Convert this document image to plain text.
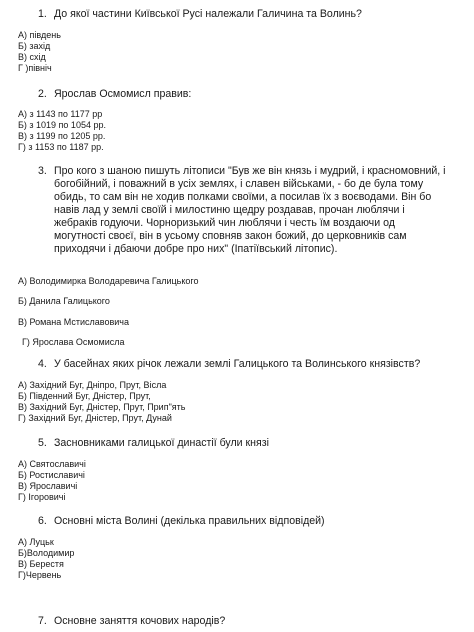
1. До якої частини Київської Русі належали Галичина та Волинь?
А) південь
Б) захід
В) схід
Г )північ
2. Ярослав Осмомисл правив:
А) з 1143 по 1177 рр
Б) з 1019 по 1054 рр.
В) з 1199 по 1205 рр.
Г) з 1153 по 1187 рр.
3. Про кого з шаною пишуть літописи "Був же він князь і мудрий, і красномовний, і
богобійний, і поважний в усіх землях, і славен військами, - бо де була тому
обидь, то сам він не ходив полками своїми, а посилав їх з воєводами. Він бо
навів лад у землі своїй і милостиню щедру роздавав, прочан люблячи і
жебраків годуючи. Чорноризький чин люблячи і честь їм воздаючи од
могутності своєї, він в усьому сповняв закон божий, до церковників сам
приходячи і дбаючи добре про них" (Іпатіївський літопис).
А) Володимирка Володаревича Галицького
Б) Данила Галицького
В) Романа Мстиславовича
Г) Ярослава Осмомисла
4. У басейнах яких річок лежали землі Галицького та Волинського князівств?
А) Західний Буг, Дніпро, Прут, Вісла
Б) Південний Буг, Дністер, Прут,
В) Західний Буг, Дністер, Прут, Прип"ять
Г) Західний Буг, Дністер, Прут, Дунай
5. Засновниками галицької династії були князі
А) Святославичі
Б) Ростиславичі
В) Ярославичі
Г) Ігоровичі
6. Основні міста Волині (декілька правильних відповідей)
А) Луцьк
Б)Володимир
В) Берестя
Г)Червень
7. Основне заняття кочових народів?
